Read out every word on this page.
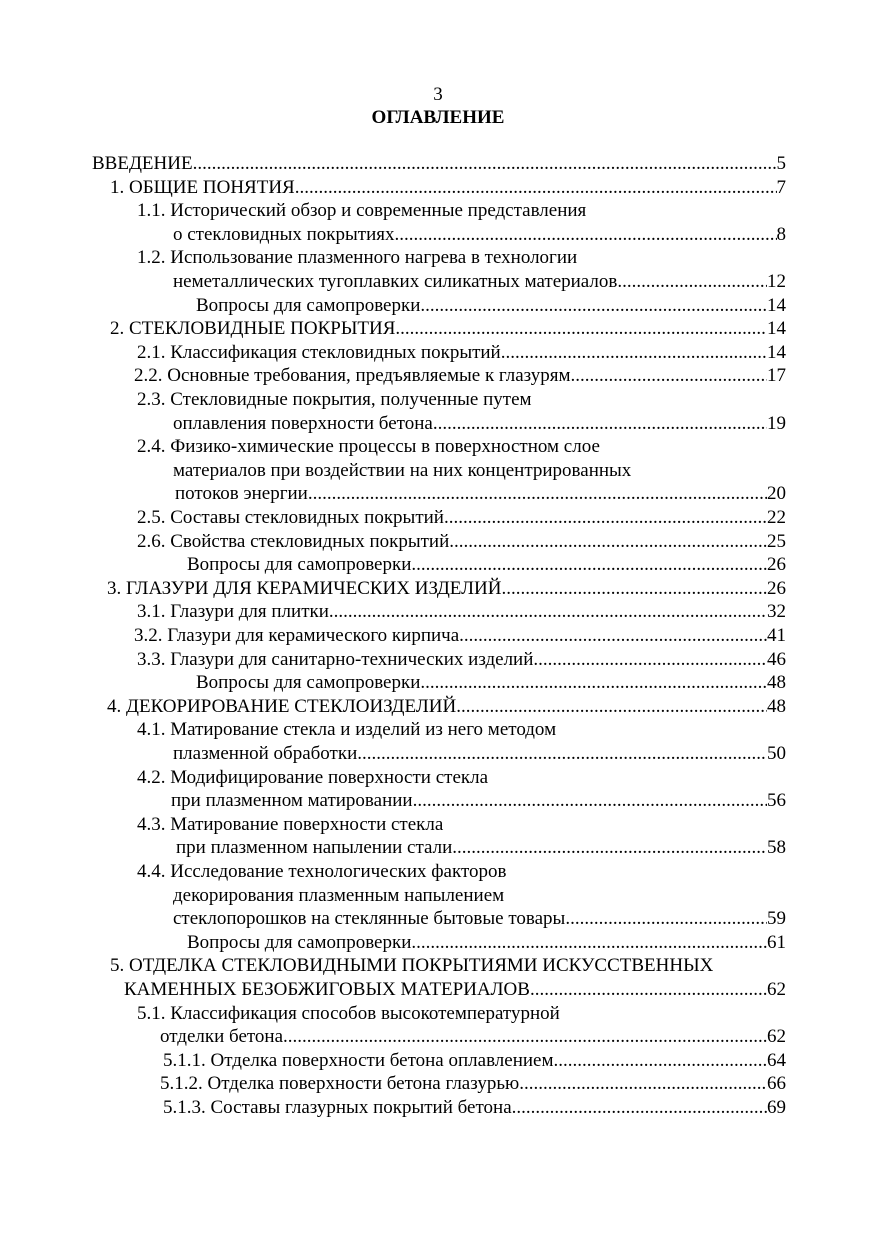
3
ОГЛАВЛЕНИЕ
ВВЕДЕНИЕ .....	5
1. ОБЩИЕ ПОНЯТИЯ .....	7
1.1. Исторический обзор и современные представления
о стекловидных покрытиях .....	8
1.2. Использование плазменного нагрева в технологии
неметаллических тугоплавких силикатных материалов .....	12
Вопросы для самопроверки .....	14
2. СТЕКЛОВИДНЫЕ ПОКРЫТИЯ .....	14
2.1. Классификация стекловидных покрытий .....	14
2.2. Основные требования, предъявляемые к глазурям .....	17
2.3. Стекловидные покрытия, полученные путем
оплавления поверхности бетона .....	19
2.4. Физико-химические процессы в поверхностном слое
материалов при воздействии на них концентрированных
потоков энергии .....	20
2.5. Составы стекловидных покрытий .....	22
2.6. Свойства стекловидных покрытий .....	25
Вопросы для самопроверки .....	26
3. ГЛАЗУРИ ДЛЯ КЕРАМИЧЕСКИХ ИЗДЕЛИЙ .....	26
3.1. Глазури для плитки .....	32
3.2. Глазури для керамического кирпича .....	41
3.3. Глазури для санитарно-технических изделий .....	46
Вопросы для самопроверки .....	48
4. ДЕКОРИРОВАНИЕ СТЕКЛОИЗДЕЛИЙ .....	48
4.1. Матирование стекла и изделий из него методом
плазменной обработки .....	50
4.2. Модифицирование поверхности стекла
при плазменном матировании .....	56
4.3. Матирование поверхности стекла
при плазменном напылении стали .....	58
4.4. Исследование технологических факторов
декорирования плазменным напылением
стеклопорошков на стеклянные бытовые товары .....	59
Вопросы для самопроверки .....	61
5. ОТДЕЛКА СТЕКЛОВИДНЫМИ ПОКРЫТИЯМИ ИСКУССТВЕННЫХ
КАМЕННЫХ БЕЗОБЖИГОВЫХ МАТЕРИАЛОВ .....	62
5.1. Классификация способов высокотемпературной
отделки бетона .....	62
5.1.1. Отделка поверхности бетона оплавлением .....	64
5.1.2. Отделка поверхности бетона глазурью .....	66
5.1.3. Составы глазурных покрытий бетона .....	69
